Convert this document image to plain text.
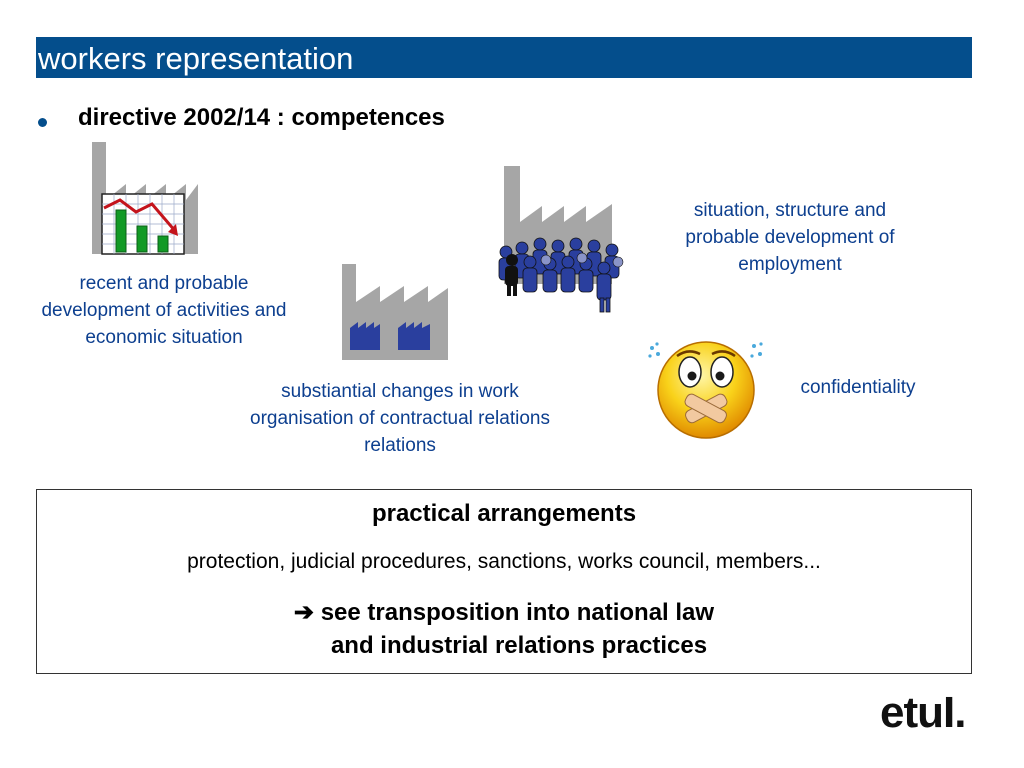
workers representation
directive 2002/14 : competences
recent and probable development of activities and economic situation
situation, structure and probable development of employment
substiantial changes in work organisation of contractual relations relations
confidentiality
practical arrangements
protection, judicial procedures, sanctions, works council, members...
➔ see transposition into national law
and industrial relations practices
etuI.
